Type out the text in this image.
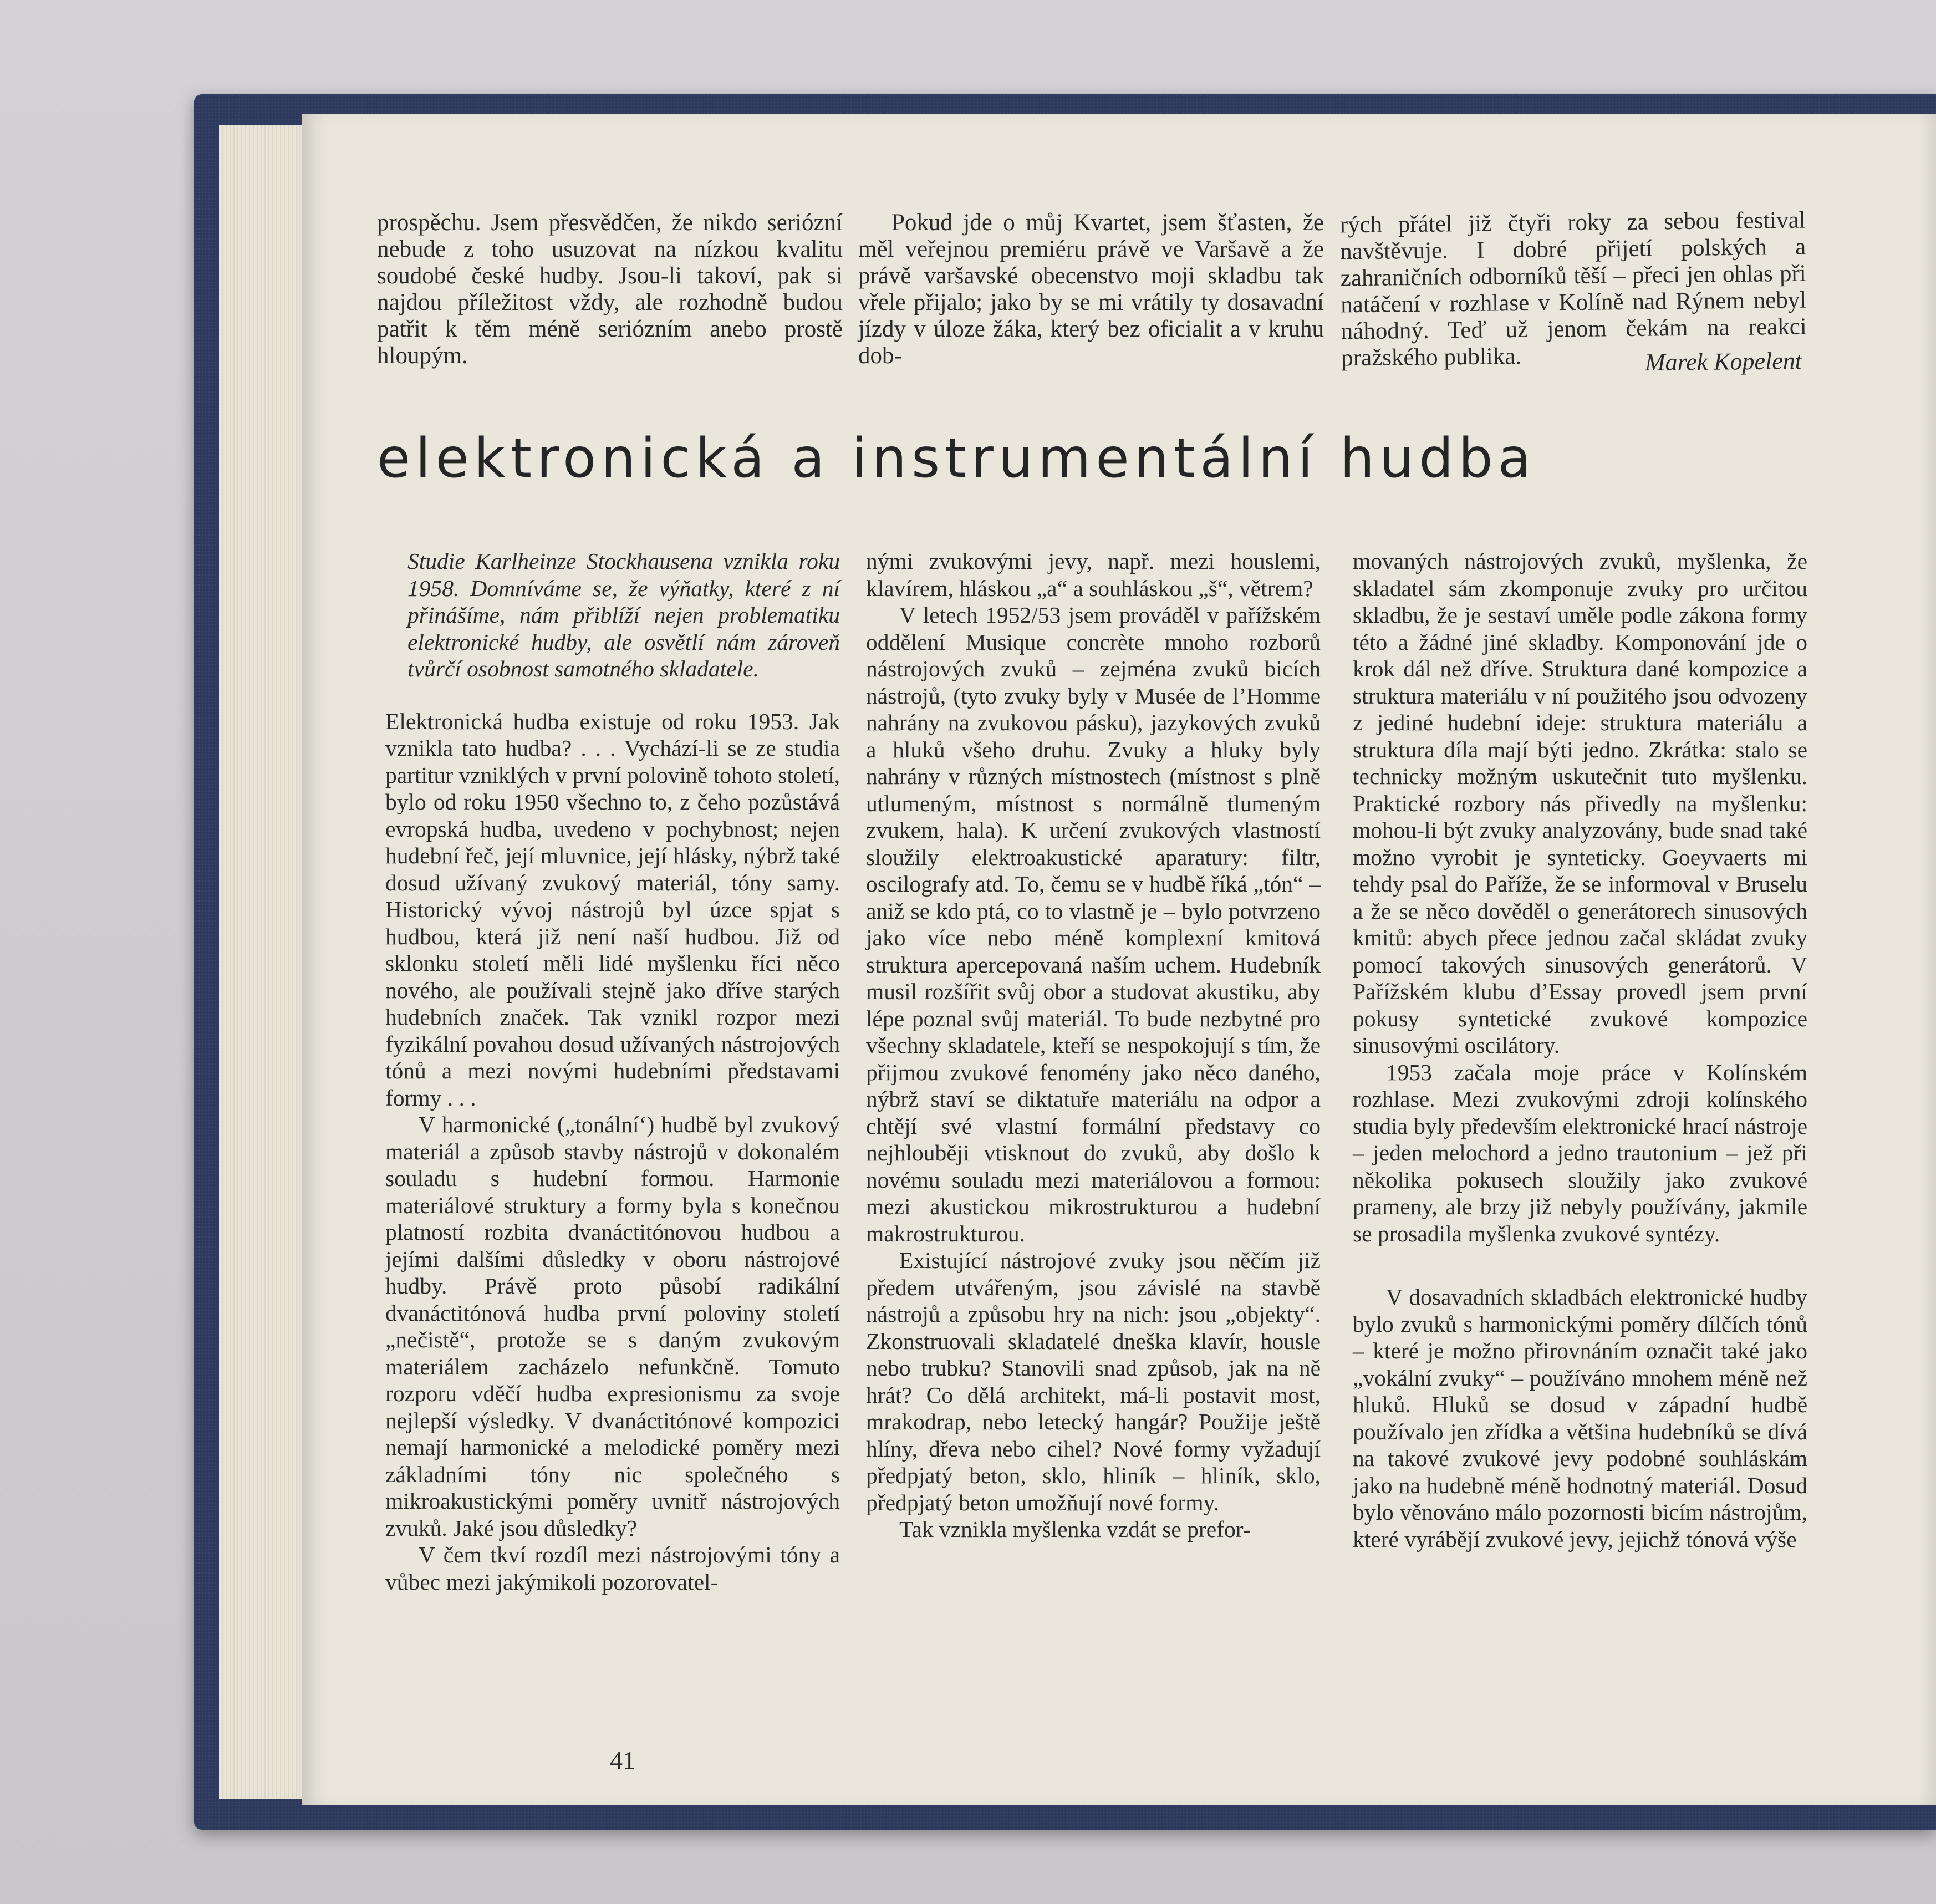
prospěchu. Jsem přesvědčen, že nikdo seriózní nebude z toho usuzovat na nízkou kvalitu soudobé české hudby. Jsou-li takoví, pak si najdou příležitost vždy, ale rozhodně budou patřit k těm méně seriózním anebo prostě hloupým.

Pokud jde o můj Kvartet, jsem šťasten, že měl veřejnou premiéru právě ve Varšavě a že právě varšavské obecenstvo moji skladbu tak vřele přijalo; jako by se mi vrátily ty dosavadní jízdy v úloze žáka, který bez oficialit a v kruhu dob-

rých přátel již čtyři roky za sebou festival navštěvuje. I dobré přijetí polských a zahraničních odborníků těší – přeci jen ohlas při natáčení v rozhlase v Kolíně nad Rýnem nebyl náhodný. Teď už jenom čekám na reakci pražského publika.	Marek Kopelent
elektronická a instrumentální hudba

Studie Karlheinze Stockhausena vznikla roku 1958. Domníváme se, že výňatky, které z ní přinášíme, nám přiblíží nejen problematiku elektronické hudby, ale osvětlí nám zároveň tvůrčí osobnost samotného skladatele.

Elektronická hudba existuje od roku 1953. Jak vznikla tato hudba? . . . Vychází-li se ze studia partitur vzniklých v první polovině tohoto století, bylo od roku 1950 všechno to, z čeho pozůstává evropská hudba, uvedeno v pochybnost; nejen hudební řeč, její mluvnice, její hlásky, nýbrž také dosud užívaný zvukový materiál, tóny samy. Historický vývoj nástrojů byl úzce spjat s hudbou, která již není naší hudbou. Již od sklonku století měli lidé myšlenku říci něco nového, ale používali stejně jako dříve starých hudebních značek. Tak vznikl rozpor mezi fyzikální povahou dosud užívaných nástrojových tónů a mezi novými hudebními představami formy . . .

V harmonické („tonální‘) hudbě byl zvukový materiál a způsob stavby nástrojů v dokonalém souladu s hudební formou. Harmonie materiálové struktury a formy byla s konečnou platností rozbita dvanáctitónovou hudbou a jejími dalšími důsledky v oboru nástrojové hudby. Právě proto působí radikální dvanáctitónová hudba první poloviny století „nečistě“, protože se s daným zvukovým materiálem zacházelo nefunkčně. Tomuto rozporu vděčí hudba expresionismu za svoje nejlepší výsledky. V dvanáctitónové kompozici nemají harmonické a melodické poměry mezi základními tóny nic společného s mikroakustickými poměry uvnitř nástrojových zvuků. Jaké jsou důsledky?

V čem tkví rozdíl mezi nástrojovými tóny a vůbec mezi jakýmikoli pozorovatel-

nými zvukovými jevy, např. mezi houslemi, klavírem, hláskou „a“ a souhláskou „š“, větrem?

V letech 1952/53 jsem prováděl v pařížském oddělení Musique concrète mnoho rozborů nástrojových zvuků – zejména zvuků bicích nástrojů, (tyto zvuky byly v Musée de l’Homme nahrány na zvukovou pásku), jazykových zvuků a hluků všeho druhu. Zvuky a hluky byly nahrány v různých místnostech (místnost s plně utlumeným, místnost s normálně tlumeným zvukem, hala). K určení zvukových vlastností sloužily elektroakustické aparatury: filtr, oscilografy atd. To, čemu se v hudbě říká „tón“ – aniž se kdo ptá, co to vlastně je – bylo potvrzeno jako více nebo méně komplexní kmitová struktura apercepovaná naším uchem. Hudebník musil rozšířit svůj obor a studovat akustiku, aby lépe poznal svůj materiál. To bude nezbytné pro všechny skladatele, kteří se nespokojují s tím, že přijmou zvukové fenomény jako něco daného, nýbrž staví se diktatuře materiálu na odpor a chtějí své vlastní formální představy co nejhlouběji vtisknout do zvuků, aby došlo k novému souladu mezi materiálovou a formou: mezi akustickou mikrostrukturou a hudební makrostrukturou.

Existující nástrojové zvuky jsou něčím již předem utvářeným, jsou závislé na stavbě nástrojů a způsobu hry na nich: jsou „objekty“. Zkonstruovali skladatelé dneška klavír, housle nebo trubku? Stanovili snad způsob, jak na ně hrát? Co dělá architekt, má-li postavit most, mrakodrap, nebo letecký hangár? Použije ještě hlíny, dřeva nebo cihel? Nové formy vyžadují předpjatý beton, sklo, hliník – hliník, sklo, předpjatý beton umožňují nové formy.

Tak vznikla myšlenka vzdát se prefor-

movaných nástrojových zvuků, myšlenka, že skladatel sám zkomponuje zvuky pro určitou skladbu, že je sestaví uměle podle zákona formy této a žádné jiné skladby. Komponování jde o krok dál než dříve. Struktura dané kompozice a struktura materiálu v ní použitého jsou odvozeny z jediné hudební ideje: struktura materiálu a struktura díla mají býti jedno. Zkrátka: stalo se technicky možným uskutečnit tuto myšlenku. Praktické rozbory nás přivedly na myšlenku: mohou-li být zvuky analyzovány, bude snad také možno vyrobit je synteticky. Goeyvaerts mi tehdy psal do Paříže, že se informoval v Bruselu a že se něco dověděl o generátorech sinusových kmitů: abych přece jednou začal skládat zvuky pomocí takových sinusových generátorů. V Pařížském klubu d’Essay provedl jsem první pokusy syntetické zvukové kompozice sinusovými oscilátory.

1953 začala moje práce v Kolínském rozhlase. Mezi zvukovými zdroji kolínského studia byly především elektronické hrací nástroje – jeden melochord a jedno trautonium – jež při několika pokusech sloužily jako zvukové prameny, ale brzy již nebyly používány, jakmile se prosadila myšlenka zvukové syntézy.

V dosavadních skladbách elektronické hudby bylo zvuků s harmonickými poměry dílčích tónů – které je možno přirovnáním označit také jako „vokální zvuky“ – používáno mnohem méně než hluků. Hluků se dosud v západní hudbě používalo jen zřídka a většina hudebníků se dívá na takové zvukové jevy podobné souhláskám jako na hudebně méně hodnotný materiál. Dosud bylo věnováno málo pozornosti bicím nástrojům, které vyrábějí zvukové jevy, jejichž tónová výše

41
